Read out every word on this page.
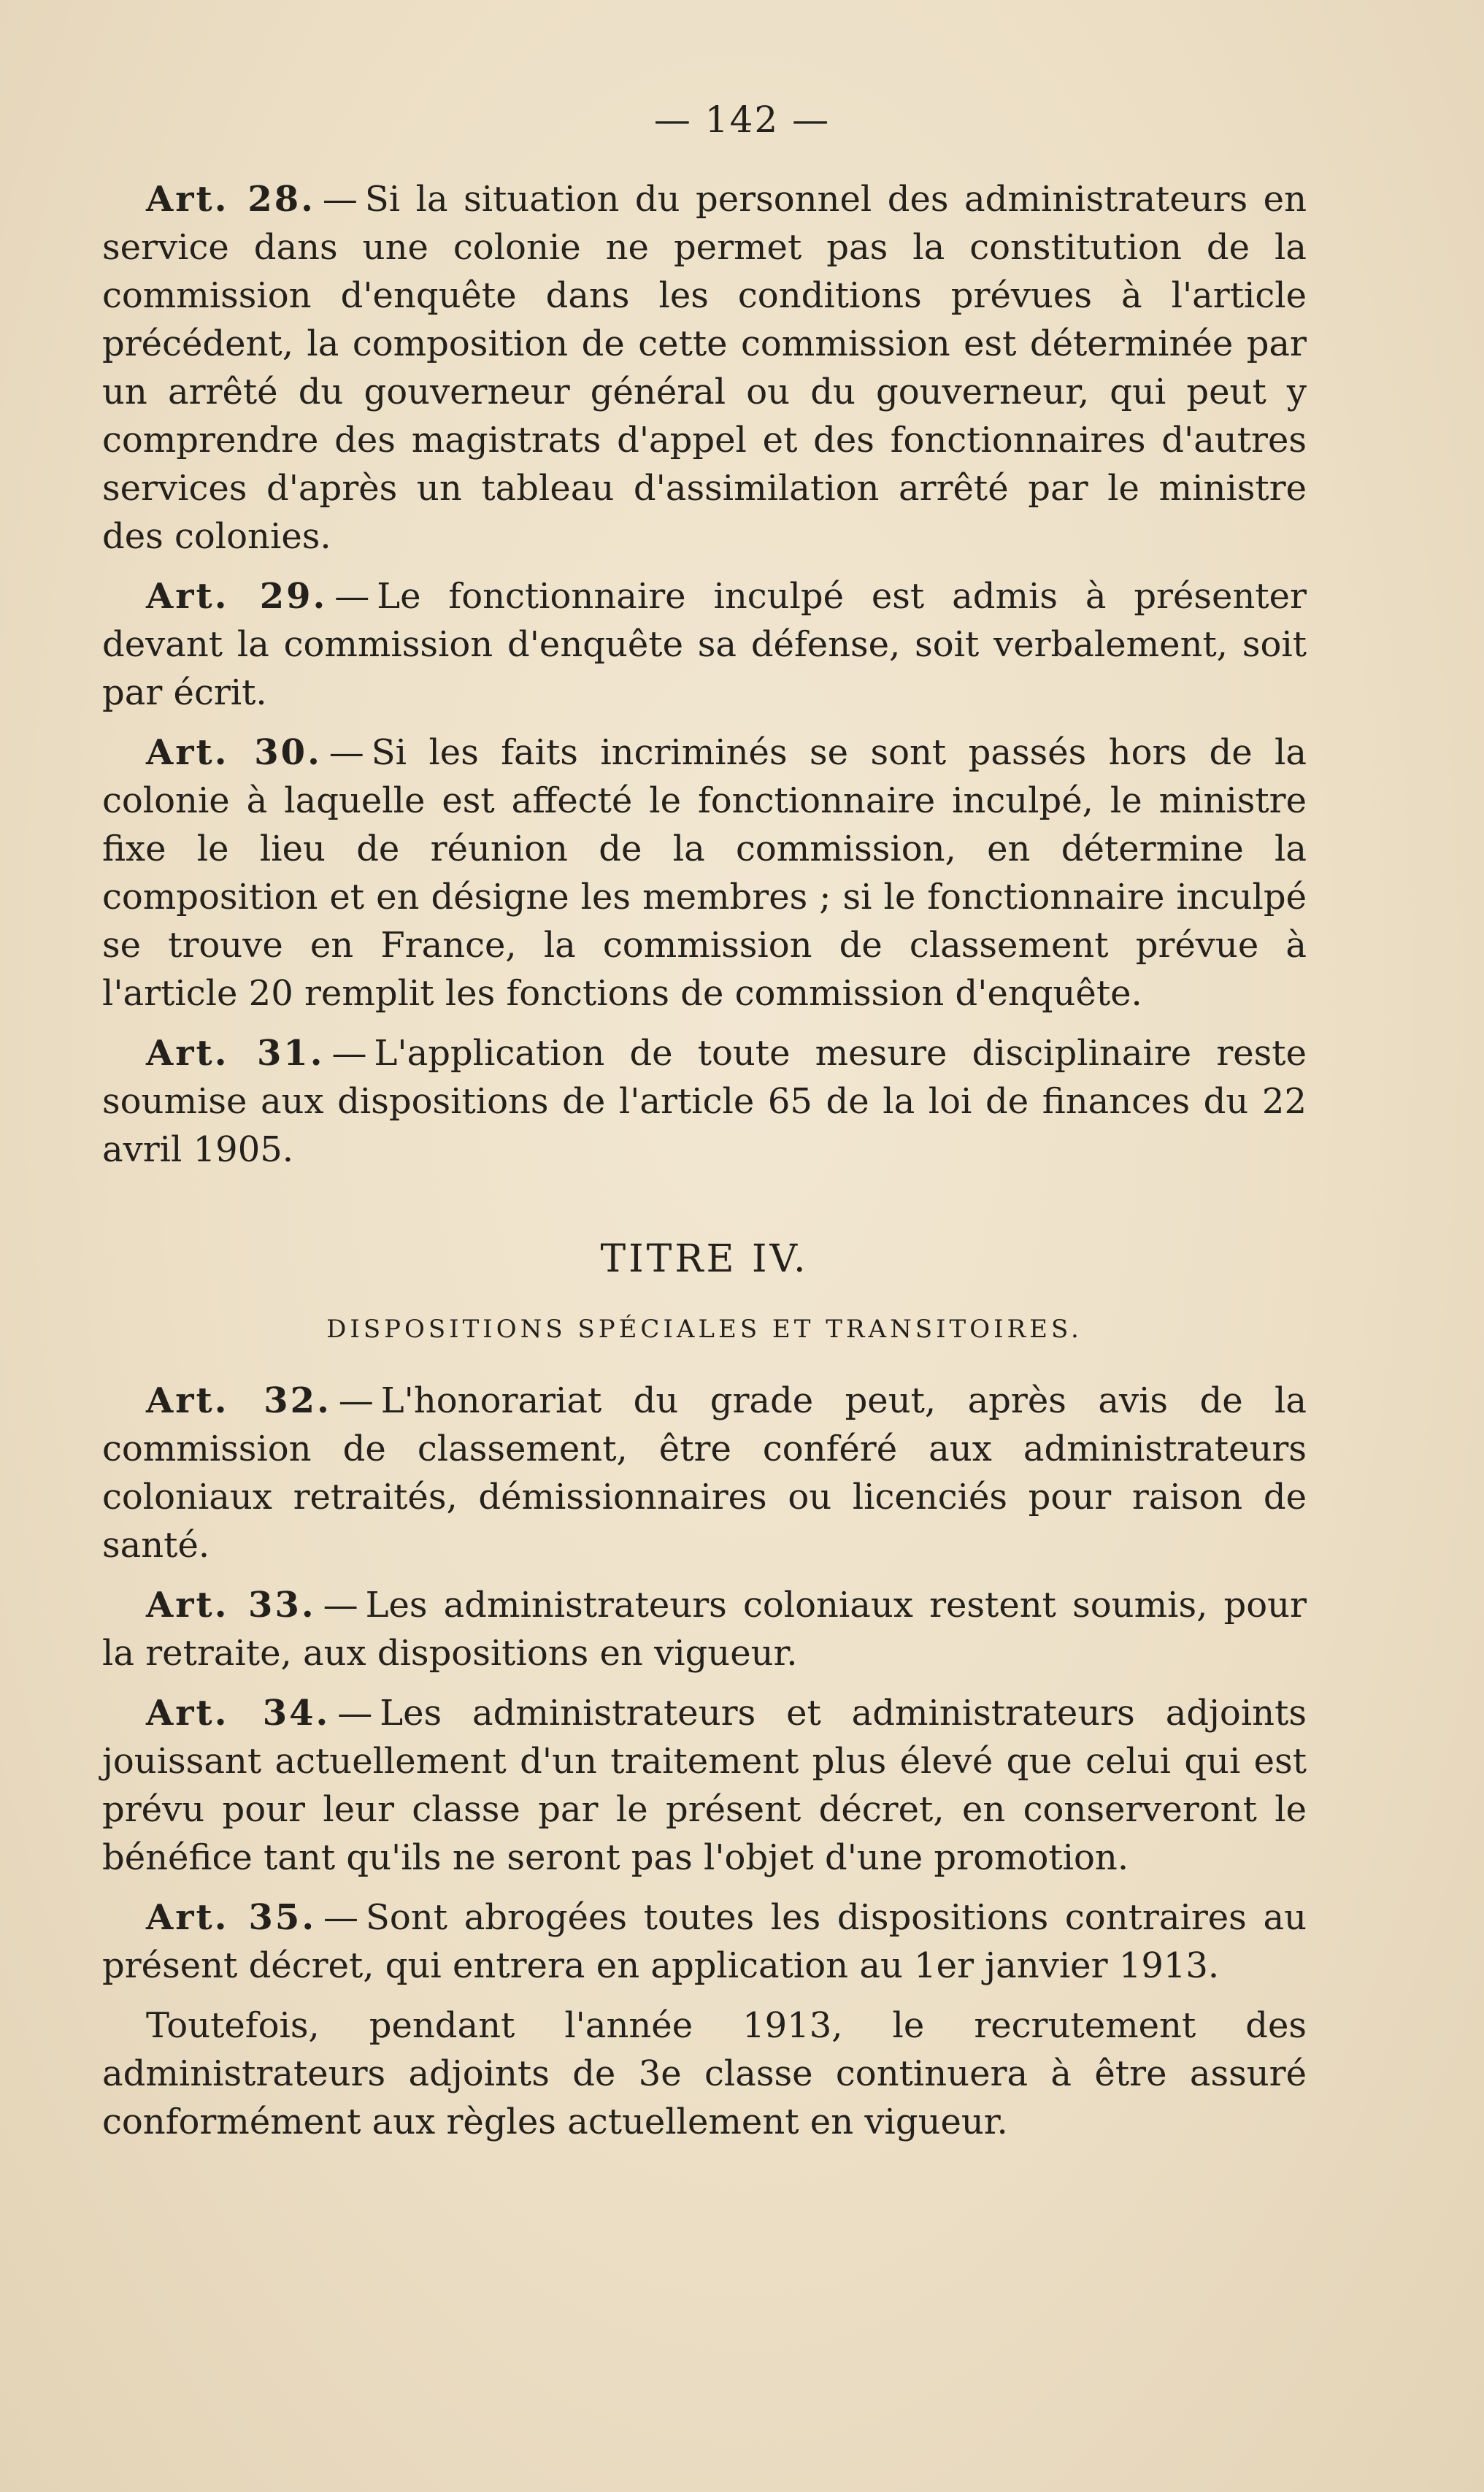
— 142 —

Art. 28. — Si la situation du personnel des administrateurs en service dans une colonie ne permet pas la constitution de la commission d'enquête dans les conditions prévues à l'article précédent, la composition de cette commission est déterminée par un arrêté du gouverneur général ou du gouverneur, qui peut y comprendre des magistrats d'appel et des fonctionnaires d'autres services d'après un tableau d'assimilation arrêté par le ministre des colonies.

Art. 29. — Le fonctionnaire inculpé est admis à présenter devant la commission d'enquête sa défense, soit verbalement, soit par écrit.

Art. 30. — Si les faits incriminés se sont passés hors de la colonie à laquelle est affecté le fonctionnaire inculpé, le ministre fixe le lieu de réunion de la commission, en détermine la composition et en désigne les membres ; si le fonctionnaire inculpé se trouve en France, la commission de classement prévue à l'article 20 remplit les fonctions de commission d'enquête.

Art. 31. — L'application de toute mesure disciplinaire reste soumise aux dispositions de l'article 65 de la loi de finances du 22 avril 1905.

TITRE IV.
DISPOSITIONS SPÉCIALES ET TRANSITOIRES.

Art. 32. — L'honorariat du grade peut, après avis de la commission de classement, être conféré aux administrateurs coloniaux retraités, démissionnaires ou licenciés pour raison de santé.

Art. 33. — Les administrateurs coloniaux restent soumis, pour la retraite, aux dispositions en vigueur.

Art. 34. — Les administrateurs et administrateurs adjoints jouissant actuellement d'un traitement plus élevé que celui qui est prévu pour leur classe par le présent décret, en conserveront le bénéfice tant qu'ils ne seront pas l'objet d'une promotion.

Art. 35. — Sont abrogées toutes les dispositions contraires au présent décret, qui entrera en application au 1er janvier 1913.

Toutefois, pendant l'année 1913, le recrutement des administrateurs adjoints de 3e classe continuera à être assuré conformément aux règles actuellement en vigueur.
